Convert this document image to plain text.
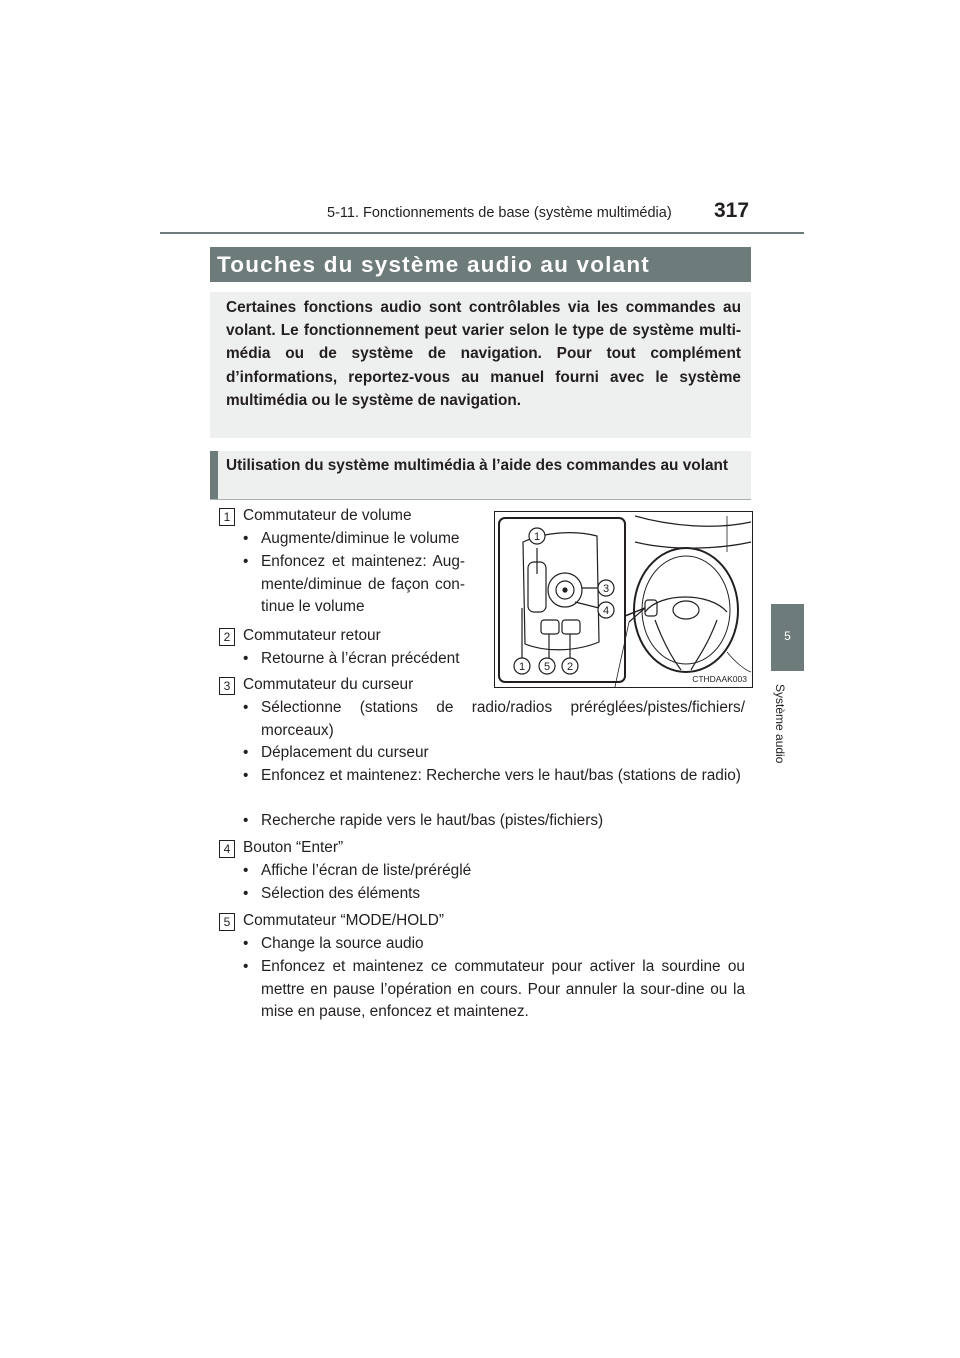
5-11. Fonctionnements de base (système multimédia) 317
5
Système audio
Touches du système audio au volant
Certaines fonctions audio sont contrôlables via les commandes au volant. Le fonctionnement peut varier selon le type de système multi-média ou de système de navigation. Pour tout complément d’informations, reportez-vous au manuel fourni avec le système multimédia ou le système de navigation.
Utilisation du système multimédia à l’aide des commandes au volant
1 Commutateur de volume
• Augmente/diminue le volume
• Enfoncez et maintenez: Aug-mente/diminue de façon con-tinue le volume
2 Commutateur retour
• Retourne à l’écran précédent
3 Commutateur du curseur
• Sélectionne (stations de radio/radios préréglées/pistes/fichiers/ morceaux)
• Déplacement du curseur
• Enfoncez et maintenez: Recherche vers le haut/bas (stations de radio)
• Recherche rapide vers le haut/bas (pistes/fichiers)
4 Bouton “Enter”
• Affiche l’écran de liste/préréglé
• Sélection des éléments
5 Commutateur “MODE/HOLD”
• Change la source audio
• Enfoncez et maintenez ce commutateur pour activer la sourdine ou mettre en pause l’opération en cours. Pour annuler la sour-dine ou la mise en pause, enfoncez et maintenez.
1
3
4
1 5 2
CTHDAAK003
